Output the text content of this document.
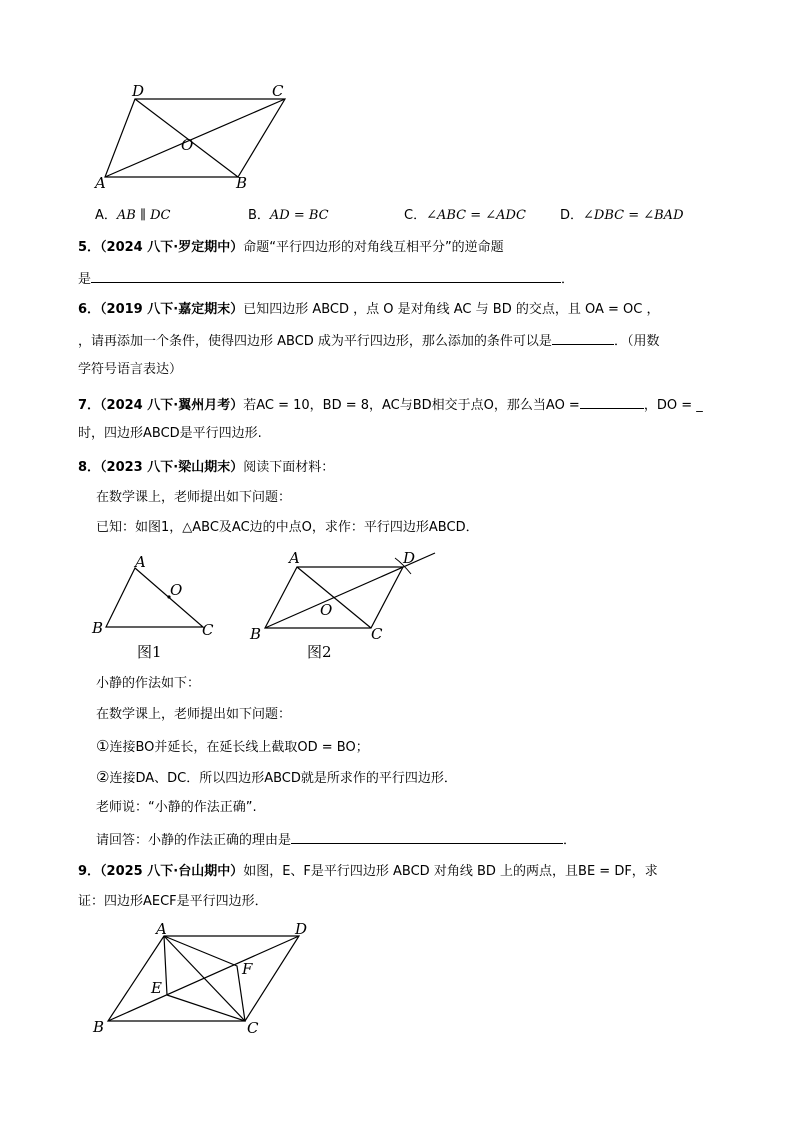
D	C
O
A	B
A．AB ∥ DC	B．AD = BC	C．∠ABC = ∠ADC	D．∠DBC = ∠BAD
5．（2024 八下·罗定期中）命题“平行四边形的对角线互相平分”的逆命题
是	．
6．（2019 八下·嘉定期末）已知四边形 ABCD ，点 O 是对角线 AC 与 BD 的交点，且 OA = OC ，
，请再添加一个条件，使得四边形 ABCD 成为平行四边形，那么添加的条件可以是	．（用数
学符号语言表达）
7．（2024 八下·翼州月考）若AC = 10，BD = 8，AC与BD相交于点O，那么当AO =	，DO = _
时，四边形ABCD是平行四边形.
8．（2023 八下·梁山期末）阅读下面材料：
在数学课上，老师提出如下问题：
已知：如图1，△ABC及AC边的中点O，求作：平行四边形ABCD．
A
O
B	C
图1
A	D
O
B	C
图2
小静的作法如下：
在数学课上，老师提出如下问题：
①连接BO并延长，在延长线上截取OD = BO；
②连接DA、DC．所以四边形ABCD就是所求作的平行四边形．
老师说：“小静的作法正确”.
请回答：小静的作法正确的理由是	．
9．（2025 八下·台山期中）如图，E、F是平行四边形 ABCD 对角线 BD 上的两点，且BE = DF，求
证：四边形AECF是平行四边形．
A	D
F
E
B	C
